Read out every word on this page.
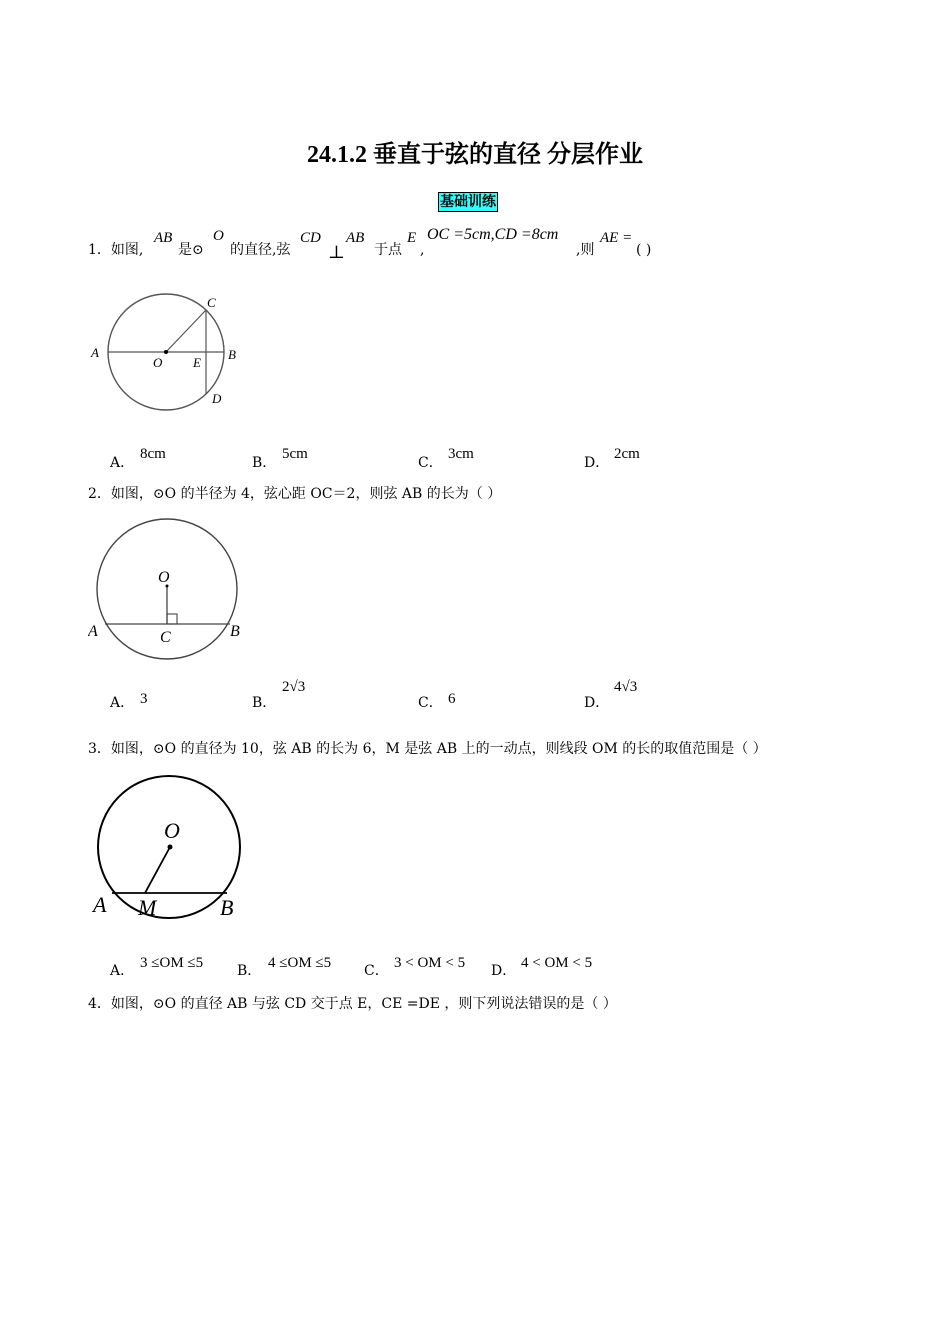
24.1.2 垂直于弦的直径 分层作业
基础训练
1．如图,
AB
是⊙
O
的直径,弦
CD
⊥
AB
于点
E
,
OC =5cm,CD =8cm
,则
AE =
( )
A	B
C
D
E
O
A．
8cm
B．
5cm
C．
3cm
D．
2cm
2．如图，⊙O 的半径为 4，弦心距 OC＝2，则弦 AB 的长为（ ）
O
A	B
C
A． 3	B．
2√3
C． 6	D．
4√3
3．如图，⊙O 的直径为 10，弦 AB 的长为 6，M 是弦 AB 上的一动点，则线段 OM 的长的取值范围是（ ）
O
A M	B
A． 3 ≤OM ≤5 B． 4 ≤OM ≤5 C． 3 < OM < 5 D． 4 < OM < 5
4．如图，⊙O 的直径 AB 与弦 CD 交于点 E，CE =DE ，则下列说法错误的是（ ）
